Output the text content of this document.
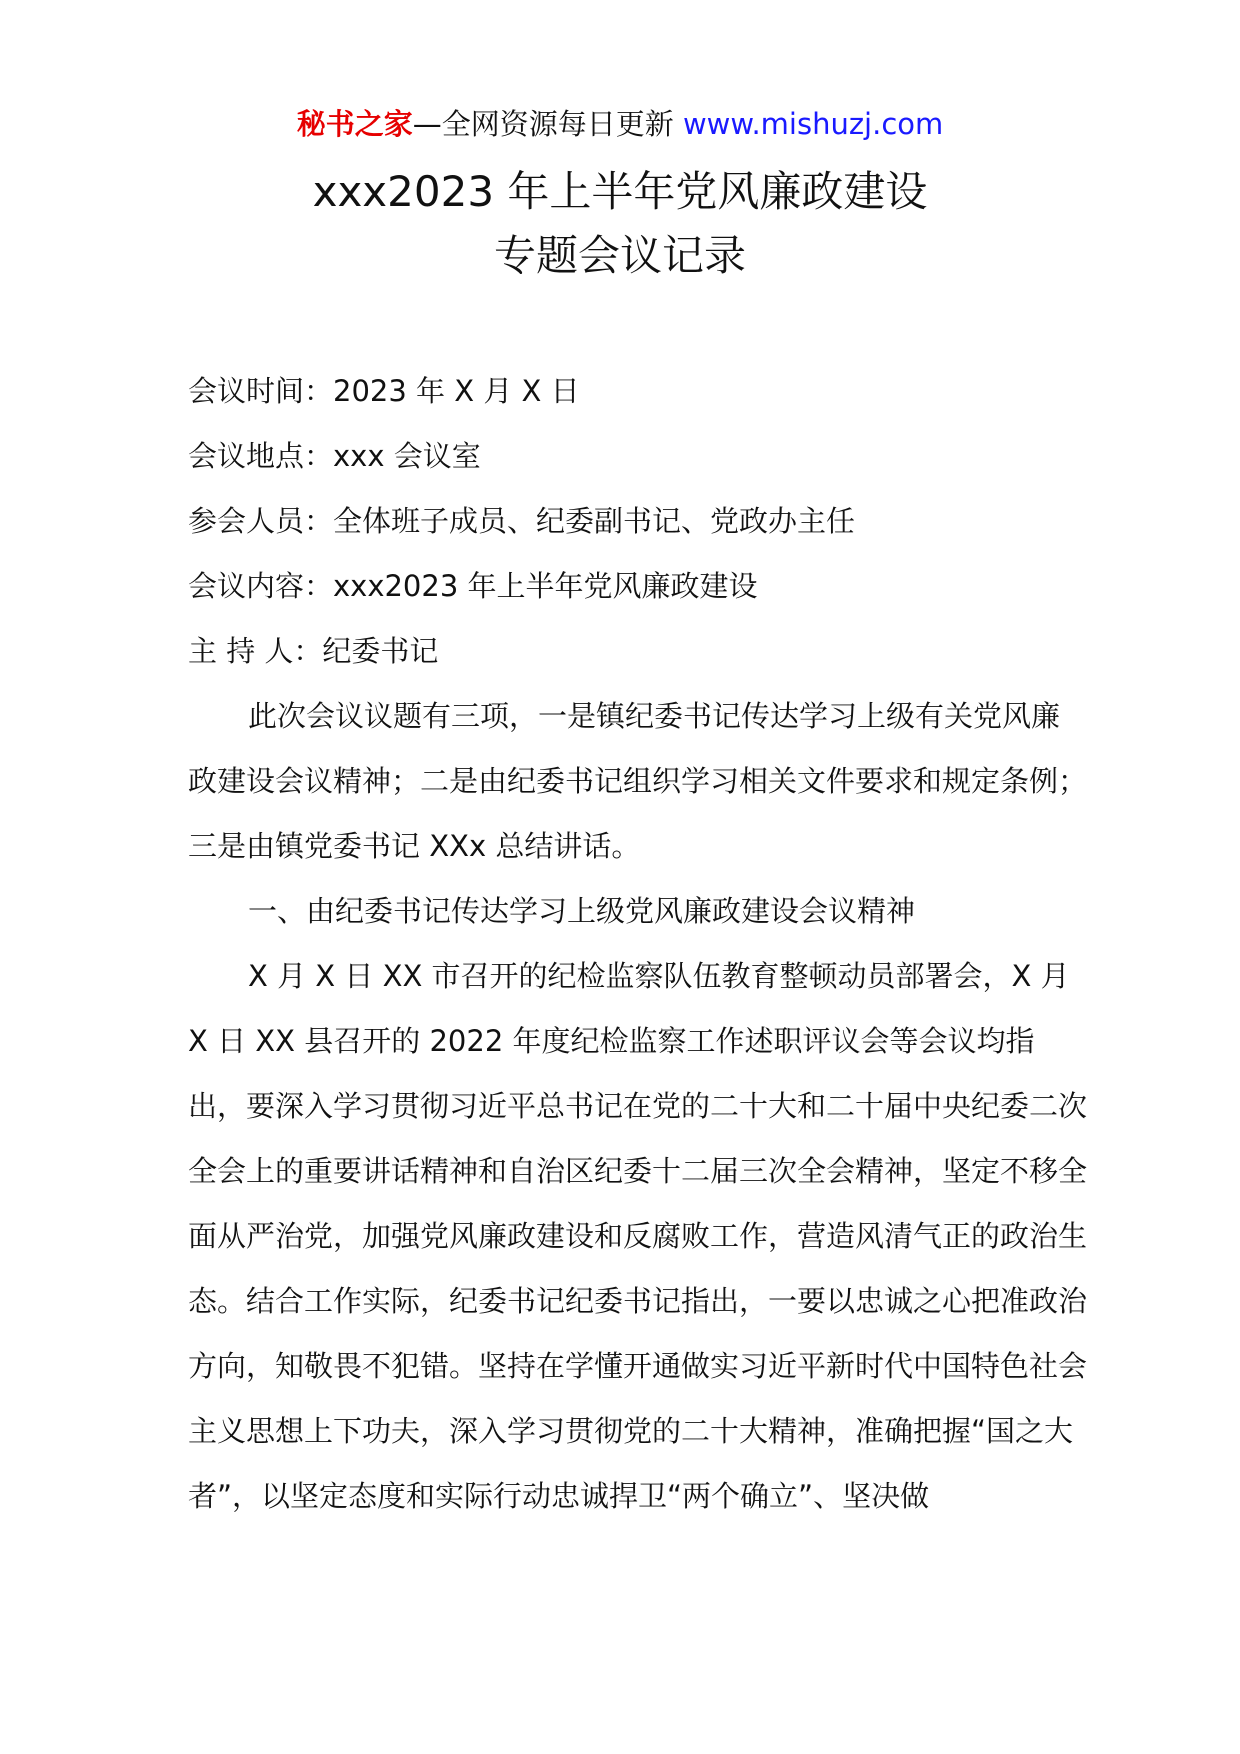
秘书之家—全网资源每日更新 www.mishuzj.com
xxx2023 年上半年党风廉政建设
专题会议记录

会议时间：2023 年 X 月 X 日

会议地点：xxx 会议室

参会人员：全体班子成员、纪委副书记、党政办主任

会议内容：xxx2023 年上半年党风廉政建设

主 持 人：纪委书记

此次会议议题有三项，一是镇纪委书记传达学习上级有关党风廉政建设会议精神；二是由纪委书记组织学习相关文件要求和规定条例；三是由镇党委书记 XXx 总结讲话。

一、由纪委书记传达学习上级党风廉政建设会议精神

X 月 X 日 XX 市召开的纪检监察队伍教育整顿动员部署会，X 月 X 日 XX 县召开的 2022 年度纪检监察工作述职评议会等会议均指出，要深入学习贯彻习近平总书记在党的二十大和二十届中央纪委二次全会上的重要讲话精神和自治区纪委十二届三次全会精神，坚定不移全面从严治党，加强党风廉政建设和反腐败工作，营造风清气正的政治生态。结合工作实际，纪委书记纪委书记指出，一要以忠诚之心把准政治方向，知敬畏不犯错。坚持在学懂开通做实习近平新时代中国特色社会主义思想上下功夫，深入学习贯彻党的二十大精神，准确把握“国之大者”，以坚定态度和实际行动忠诚捍卫“两个确立”、坚决做
